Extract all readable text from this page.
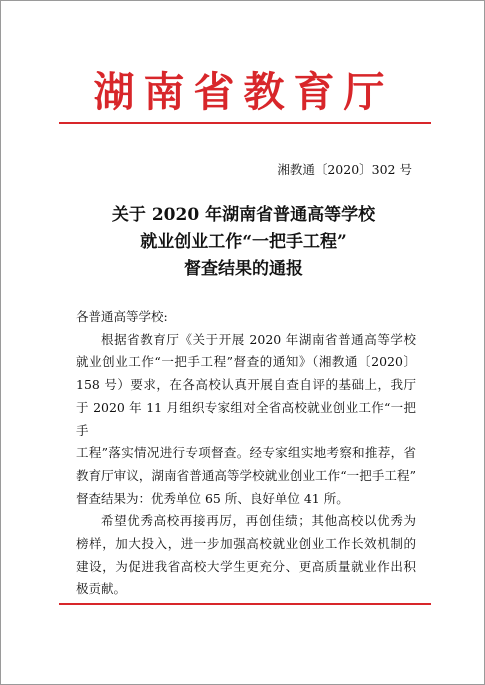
湖南省教育厅
湘教通〔2020〕302 号
关于 2020 年湖南省普通高等学校
就业创业工作“一把手工程”
督查结果的通报

各普通高等学校:

根据省教育厅《关于开展 2020 年湖南省普通高等学校

就业创业工作“一把手工程”督查的通知》（湘教通〔2020〕

158 号）要求，在各高校认真开展自查自评的基础上，我厅

于 2020 年 11 月组织专家组对全省高校就业创业工作“一把手

工程”落实情况进行专项督查。经专家组实地考察和推荐，省

教育厅审议，湖南省普通高等学校就业创业工作“一把手工程”

督查结果为：优秀单位 65 所、良好单位 41 所。

希望优秀高校再接再厉，再创佳绩；其他高校以优秀为

榜样，加大投入，进一步加强高校就业创业工作长效机制的

建设，为促进我省高校大学生更充分、更高质量就业作出积

极贡献。
